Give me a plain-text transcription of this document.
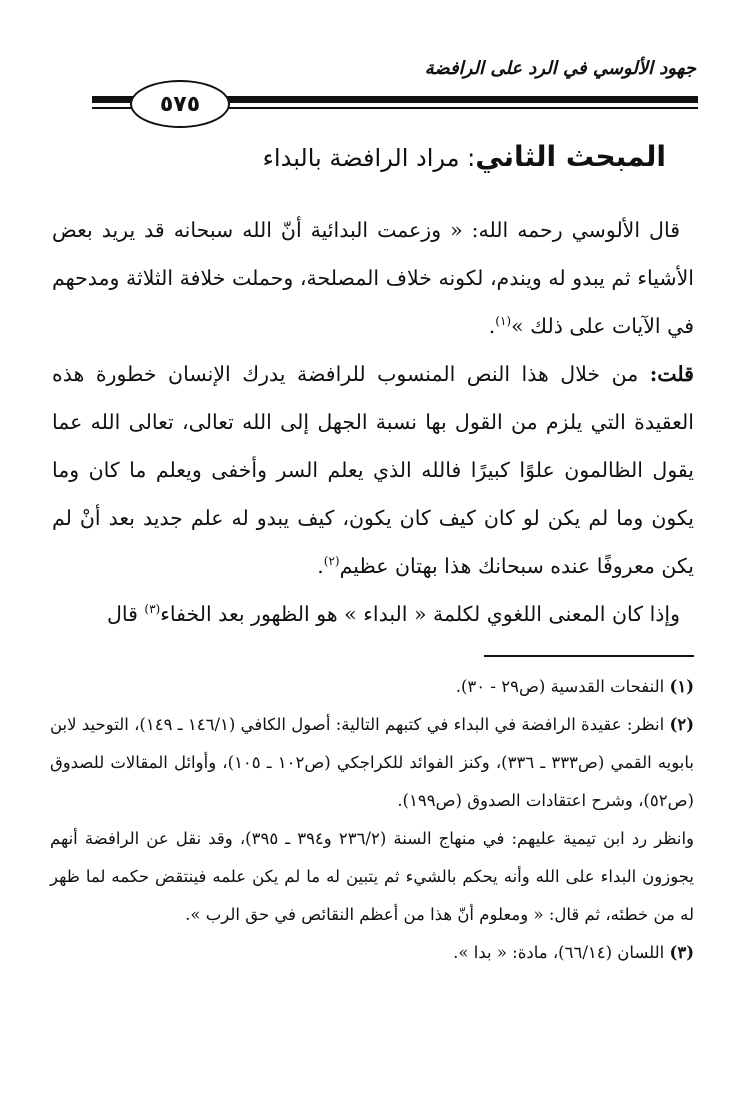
جهود الألوسي في الرد على الرافضة
٥٧٥
المبحث الثاني: مراد الرافضة بالبداء

قال الألوسي رحمه الله: « وزعمت البدائية أنّ الله سبحانه قد يريد بعض الأشياء ثم يبدو له ويندم، لكونه خلاف المصلحة، وحملت خلافة الثلاثة ومدحهم في الآيات على ذلك »$^{(١)}$.

قلت: من خلال هذا النص المنسوب للرافضة يدرك الإنسان خطورة هذه العقيدة التي يلزم من القول بها نسبة الجهل إلى الله تعالى، تعالى الله عما يقول الظالمون علوًا كبيرًا فالله الذي يعلم السر وأخفى ويعلم ما كان وما يكون وما لم يكن لو كان كيف كان يكون، كيف يبدو له علم جديد بعد أنْ لم يكن معروفًا عنده سبحانك هذا بهتان عظيم$^{(٢)}$.

وإذا كان المعنى اللغوي لكلمة « البداء » هو الظهور بعد الخفاء$^{(٣)}$ قال

(١) النفحات القدسية (ص٢٩ - ٣٠).

(٢) انظر: عقيدة الرافضة في البداء في كتبهم التالية: أصول الكافي (١٤٦/١ ـ ١٤٩)، التوحيد لابن بابويه القمي (ص٣٣٣ ـ ٣٣٦)، وكنز الفوائد للكراجكي (ص١٠٢ ـ ١٠٥)، وأوائل المقالات للصدوق (ص٥٢)، وشرح اعتقادات الصدوق (ص١٩٩).

وانظر رد ابن تيمية عليهم: في منهاج السنة (٢٣٦/٢ و٣٩٤ ـ ٣٩٥)، وقد نقل عن الرافضة أنهم يجوزون البداء على الله وأنه يحكم بالشيء ثم يتبين له ما لم يكن علمه فينتقض حكمه لما ظهر له من خطئه، ثم قال: « ومعلوم أنّ هذا من أعظم النقائص في حق الرب ».

(٣) اللسان (٦٦/١٤)، مادة: « بدا ».
